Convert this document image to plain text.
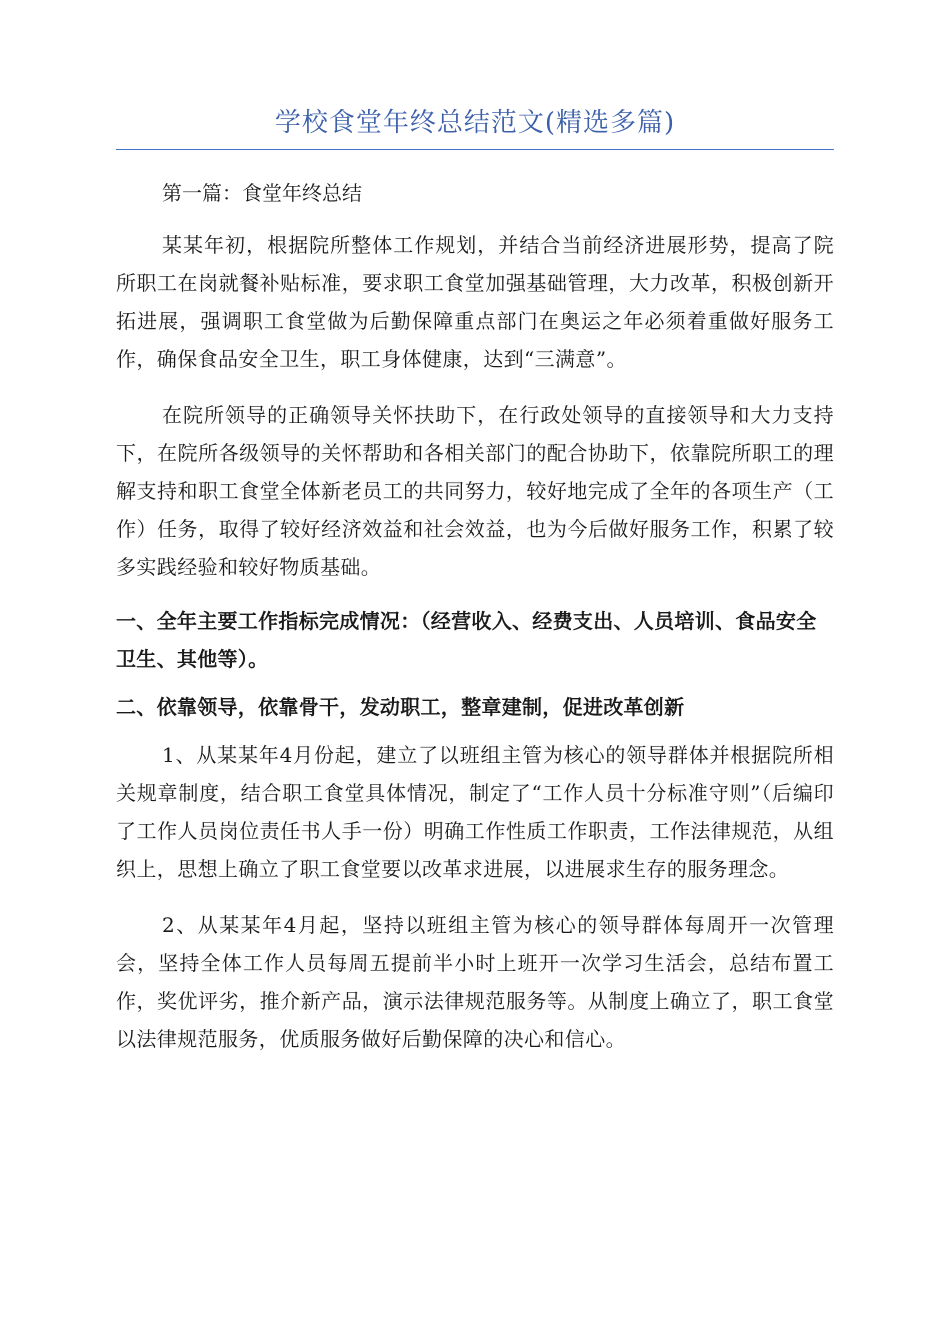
学校食堂年终总结范文(精选多篇)

第一篇：食堂年终总结

某某年初，根据院所整体工作规划，并结合当前经济进展形势，提高了院所职工在岗就餐补贴标准，要求职工食堂加强基础管理，大力改革，积极创新开拓进展，强调职工食堂做为后勤保障重点部门在奥运之年必须着重做好服务工作，确保食品安全卫生，职工身体健康，达到“三满意”。

在院所领导的正确领导关怀扶助下，在行政处领导的直接领导和大力支持下，在院所各级领导的关怀帮助和各相关部门的配合协助下，依靠院所职工的理解支持和职工食堂全体新老员工的共同努力，较好地完成了全年的各项生产（工作）任务，取得了较好经济效益和社会效益，也为今后做好服务工作，积累了较多实践经验和较好物质基础。

一、全年主要工作指标完成情况：（经营收入、经费支出、人员培训、食品安全卫生、其他等）。

二、依靠领导，依靠骨干，发动职工，整章建制，促进改革创新

1、从某某年4月份起，建立了以班组主管为核心的领导群体并根据院所相关规章制度，结合职工食堂具体情况，制定了“工作人员十分标准守则”（后编印了工作人员岗位责任书人手一份）明确工作性质工作职责，工作法律规范，从组织上，思想上确立了职工食堂要以改革求进展，以进展求生存的服务理念。

2、从某某年4月起，坚持以班组主管为核心的领导群体每周开一次管理会，坚持全体工作人员每周五提前半小时上班开一次学习生活会，总结布置工作，奖优评劣，推介新产品，演示法律规范服务等。从制度上确立了，职工食堂以法律规范服务，优质服务做好后勤保障的决心和信心。
